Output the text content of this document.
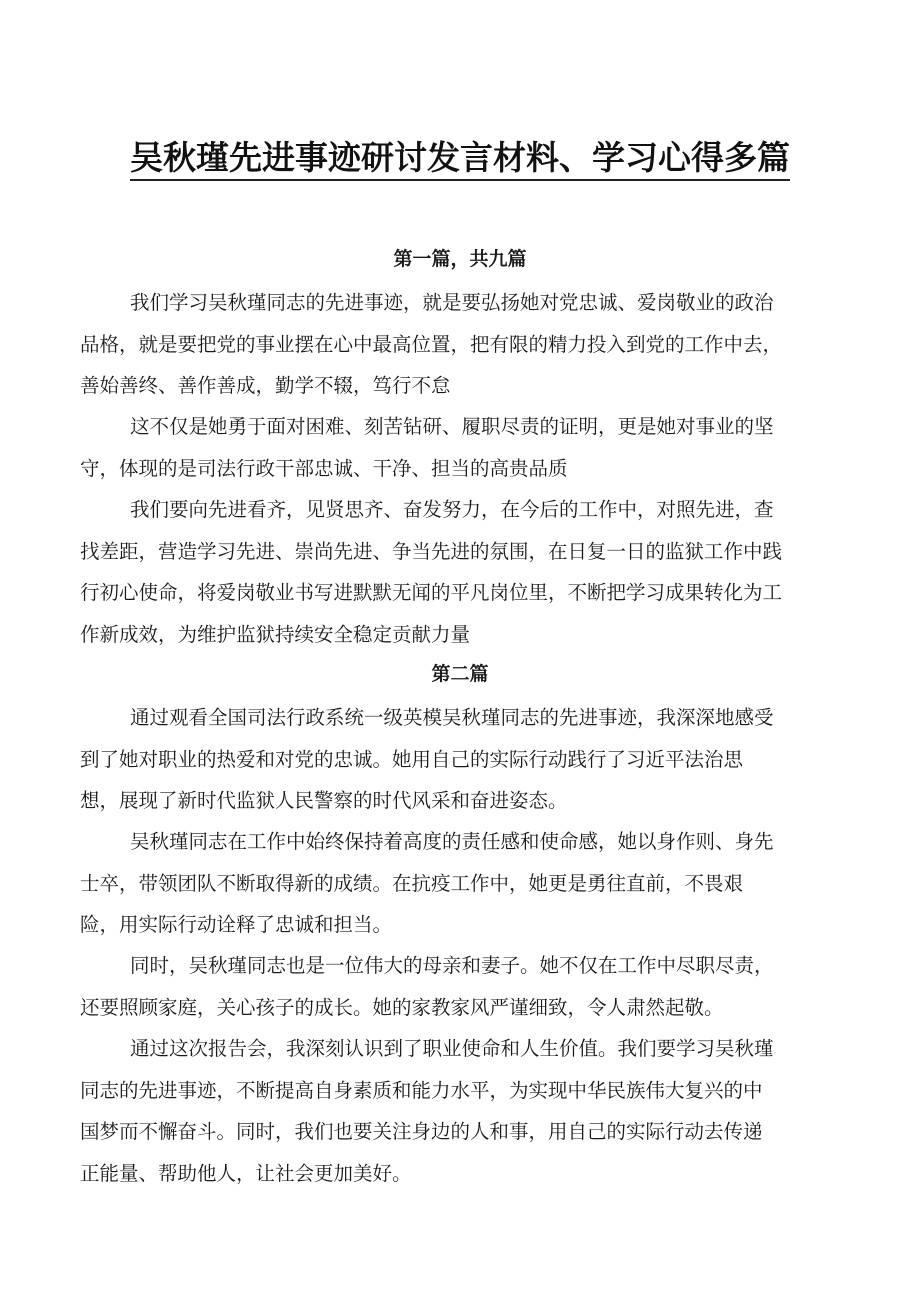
吴秋瑾先进事迹研讨发言材料、学习心得多篇
第一篇，共九篇
我们学习吴秋瑾同志的先进事迹，就是要弘扬她对党忠诚、爱岗敬业的政治
品格，就是要把党的事业摆在心中最高位置，把有限的精力投入到党的工作中去，
善始善终、善作善成，勤学不辍，笃行不怠
这不仅是她勇于面对困难、刻苦钻研、履职尽责的证明，更是她对事业的坚
守，体现的是司法行政干部忠诚、干净、担当的高贵品质
我们要向先进看齐，见贤思齐、奋发努力，在今后的工作中，对照先进，查
找差距，营造学习先进、崇尚先进、争当先进的氛围，在日复一日的监狱工作中践
行初心使命，将爱岗敬业书写进默默无闻的平凡岗位里，不断把学习成果转化为工
作新成效，为维护监狱持续安全稳定贡献力量
第二篇
通过观看全国司法行政系统一级英模吴秋瑾同志的先进事迹，我深深地感受
到了她对职业的热爱和对党的忠诚。她用自己的实际行动践行了习近平法治思
想，展现了新时代监狱人民警察的时代风采和奋进姿态。
吴秋瑾同志在工作中始终保持着高度的责任感和使命感，她以身作则、身先
士卒，带领团队不断取得新的成绩。在抗疫工作中，她更是勇往直前，不畏艰
险，用实际行动诠释了忠诚和担当。
同时，吴秋瑾同志也是一位伟大的母亲和妻子。她不仅在工作中尽职尽责，
还要照顾家庭，关心孩子的成长。她的家教家风严谨细致，令人肃然起敬。
通过这次报告会，我深刻认识到了职业使命和人生价值。我们要学习吴秋瑾
同志的先进事迹，不断提高自身素质和能力水平，为实现中华民族伟大复兴的中
国梦而不懈奋斗。同时，我们也要关注身边的人和事，用自己的实际行动去传递
正能量、帮助他人，让社会更加美好。
